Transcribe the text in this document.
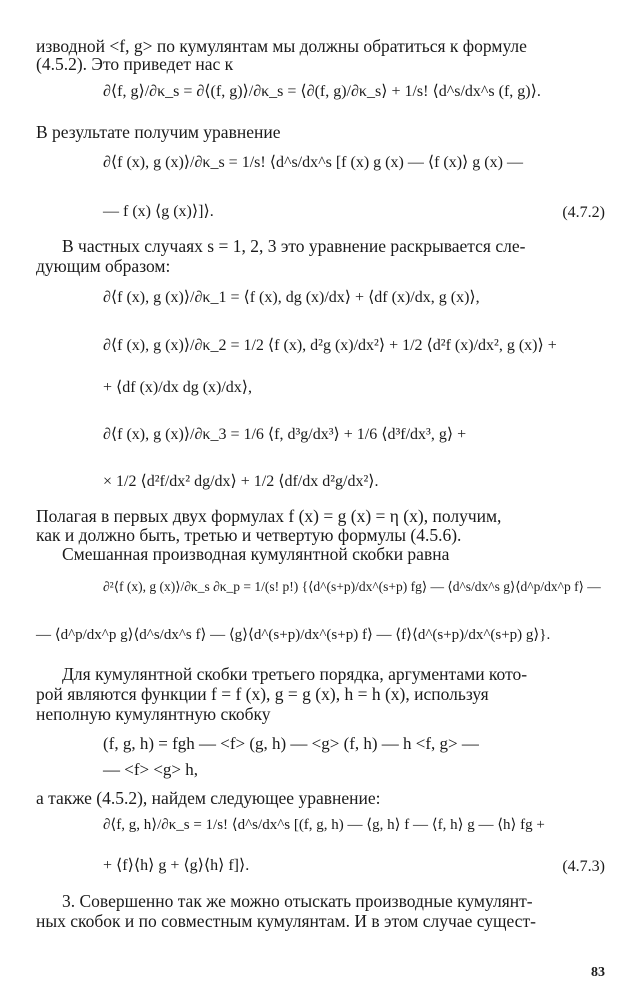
изводной <f, g> по кумулянтам мы должны обратиться к формуле
(4.5.2). Это приведет нас к
∂⟨f, g⟩/∂κ_s = ∂⟨(f, g)⟩/∂κ_s = ⟨∂(f, g)/∂κ_s⟩ + 1/s! ⟨d^s/dx^s (f, g)⟩.
В результате получим уравнение
∂⟨f (x), g (x)⟩/∂κ_s = 1/s! ⟨d^s/dx^s [f (x) g (x) — ⟨f (x)⟩ g (x) —
— f (x) ⟨g (x)⟩]⟩.	(4.7.2)
В частных случаях s = 1, 2, 3 это уравнение раскрывается сле-
дующим образом:
∂⟨f (x), g (x)⟩/∂κ_1 = ⟨f (x), dg (x)/dx⟩ + ⟨df (x)/dx, g (x)⟩,
∂⟨f (x), g (x)⟩/∂κ_2 = 1/2 ⟨f (x), d²g (x)/dx²⟩ + 1/2 ⟨d²f (x)/dx², g (x)⟩ +
+ ⟨df (x)/dx dg (x)/dx⟩,
∂⟨f (x), g (x)⟩/∂κ_3 = 1/6 ⟨f, d³g/dx³⟩ + 1/6 ⟨d³f/dx³, g⟩ +
× 1/2 ⟨d²f/dx² dg/dx⟩ + 1/2 ⟨df/dx d²g/dx²⟩.
Полагая в первых двух формулах f (x) = g (x) = η (x), получим,
как и должно быть, третью и четвертую формулы (4.5.6).
Смешанная производная кумулянтной скобки равна
∂²⟨f (x), g (x)⟩/∂κ_s ∂κ_p = 1/(s! p!) {⟨d^(s+p)/dx^(s+p) fg⟩ — ⟨d^s/dx^s g⟩⟨d^p/dx^p f⟩ —
— ⟨d^p/dx^p g⟩⟨d^s/dx^s f⟩ — ⟨g⟩⟨d^(s+p)/dx^(s+p) f⟩ — ⟨f⟩⟨d^(s+p)/dx^(s+p) g⟩}.
Для кумулянтной скобки третьего порядка, аргументами кото-
рой являются функции f = f (x), g = g (x), h = h (x), используя
неполную кумулянтную скобку
(f, g, h) = fgh — <f> (g, h) — <g> (f, h) — h <f, g> —
— <f> <g> h,
а также (4.5.2), найдем следующее уравнение:
∂⟨f, g, h⟩/∂κ_s = 1/s! ⟨d^s/dx^s [(f, g, h) — ⟨g, h⟩ f — ⟨f, h⟩ g — ⟨h⟩ fg +
+ ⟨f⟩⟨h⟩ g + ⟨g⟩⟨h⟩ f]⟩.	(4.7.3)
3. Совершенно так же можно отыскать производные кумулянт-
ных скобок и по совместным кумулянтам. И в этом случае сущест-
83
